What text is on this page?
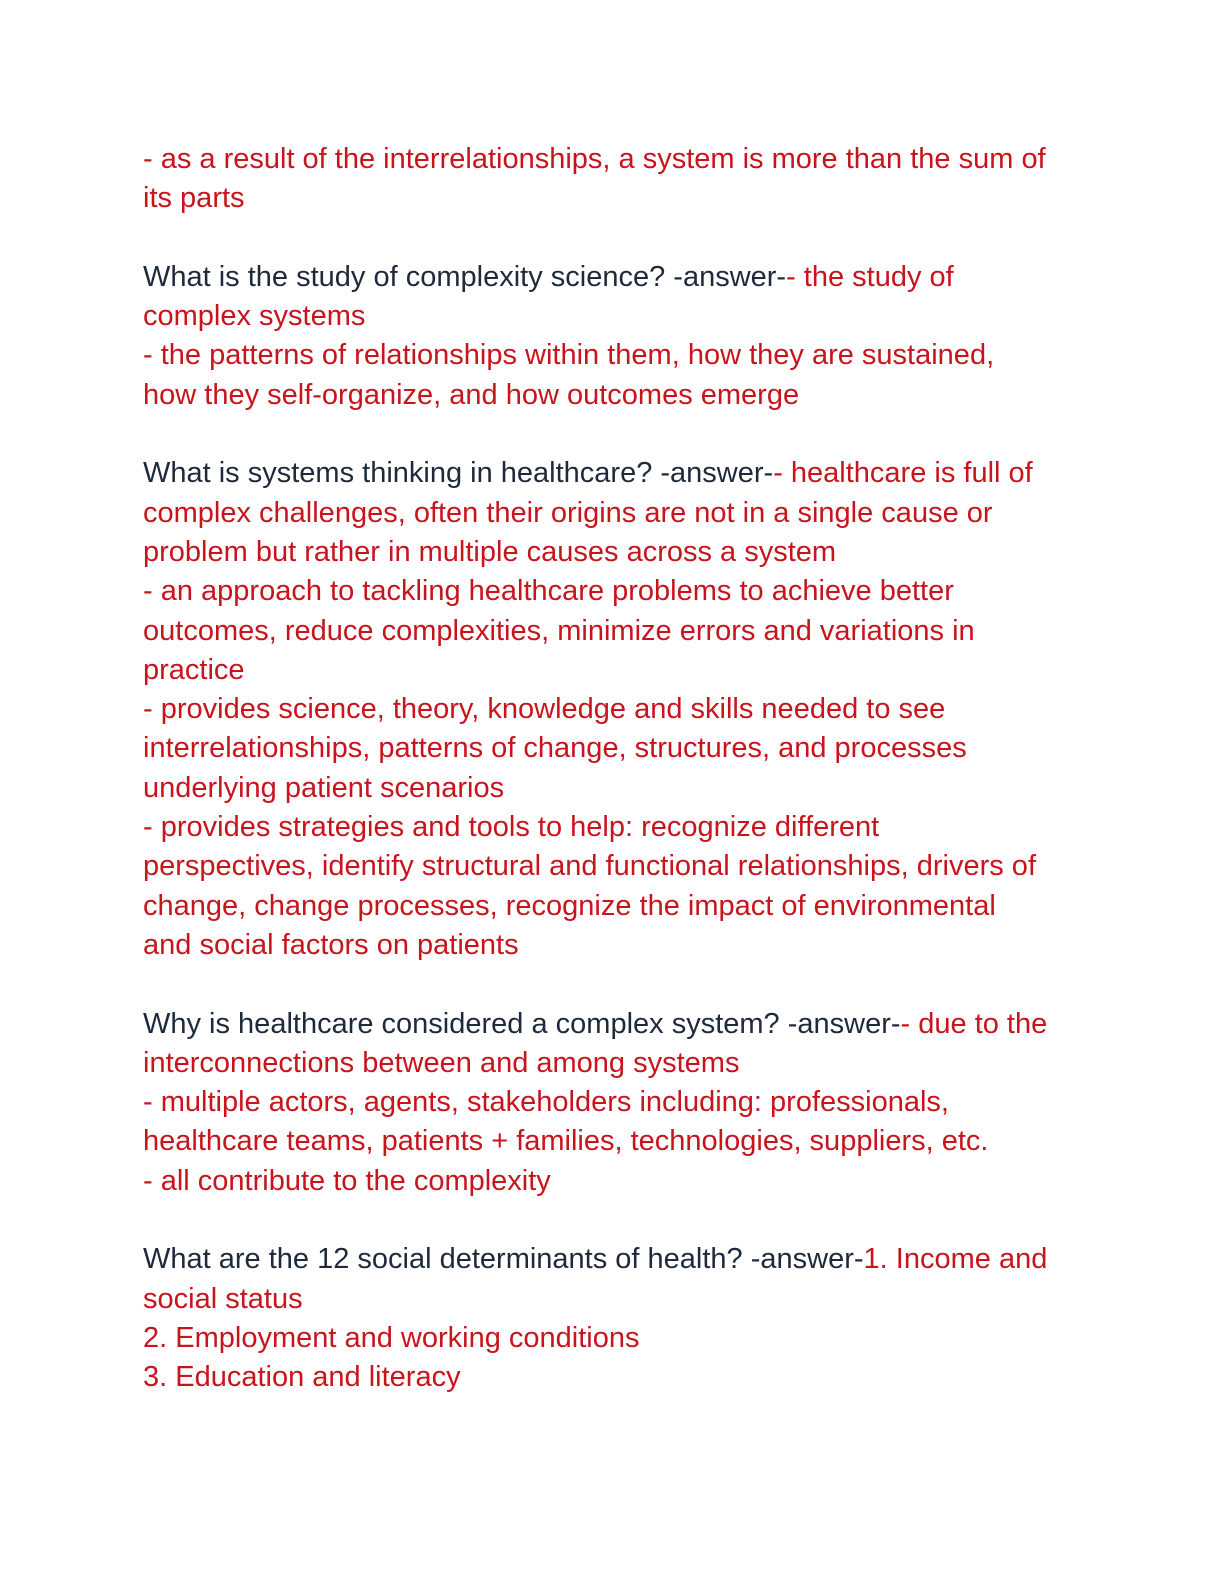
- as a result of the interrelationships, a system is more than the sum of
its parts
What is the study of complexity science? -answer-- the study of
complex systems
- the patterns of relationships within them, how they are sustained,
how they self-organize, and how outcomes emerge
What is systems thinking in healthcare? -answer-- healthcare is full of
complex challenges, often their origins are not in a single cause or
problem but rather in multiple causes across a system
- an approach to tackling healthcare problems to achieve better
outcomes, reduce complexities, minimize errors and variations in
practice
- provides science, theory, knowledge and skills needed to see
interrelationships, patterns of change, structures, and processes
underlying patient scenarios
- provides strategies and tools to help: recognize different
perspectives, identify structural and functional relationships, drivers of
change, change processes, recognize the impact of environmental
and social factors on patients
Why is healthcare considered a complex system? -answer-- due to the
interconnections between and among systems
- multiple actors, agents, stakeholders including: professionals,
healthcare teams, patients + families, technologies, suppliers, etc.
- all contribute to the complexity
What are the 12 social determinants of health? -answer-1. Income and
social status
2. Employment and working conditions
3. Education and literacy
